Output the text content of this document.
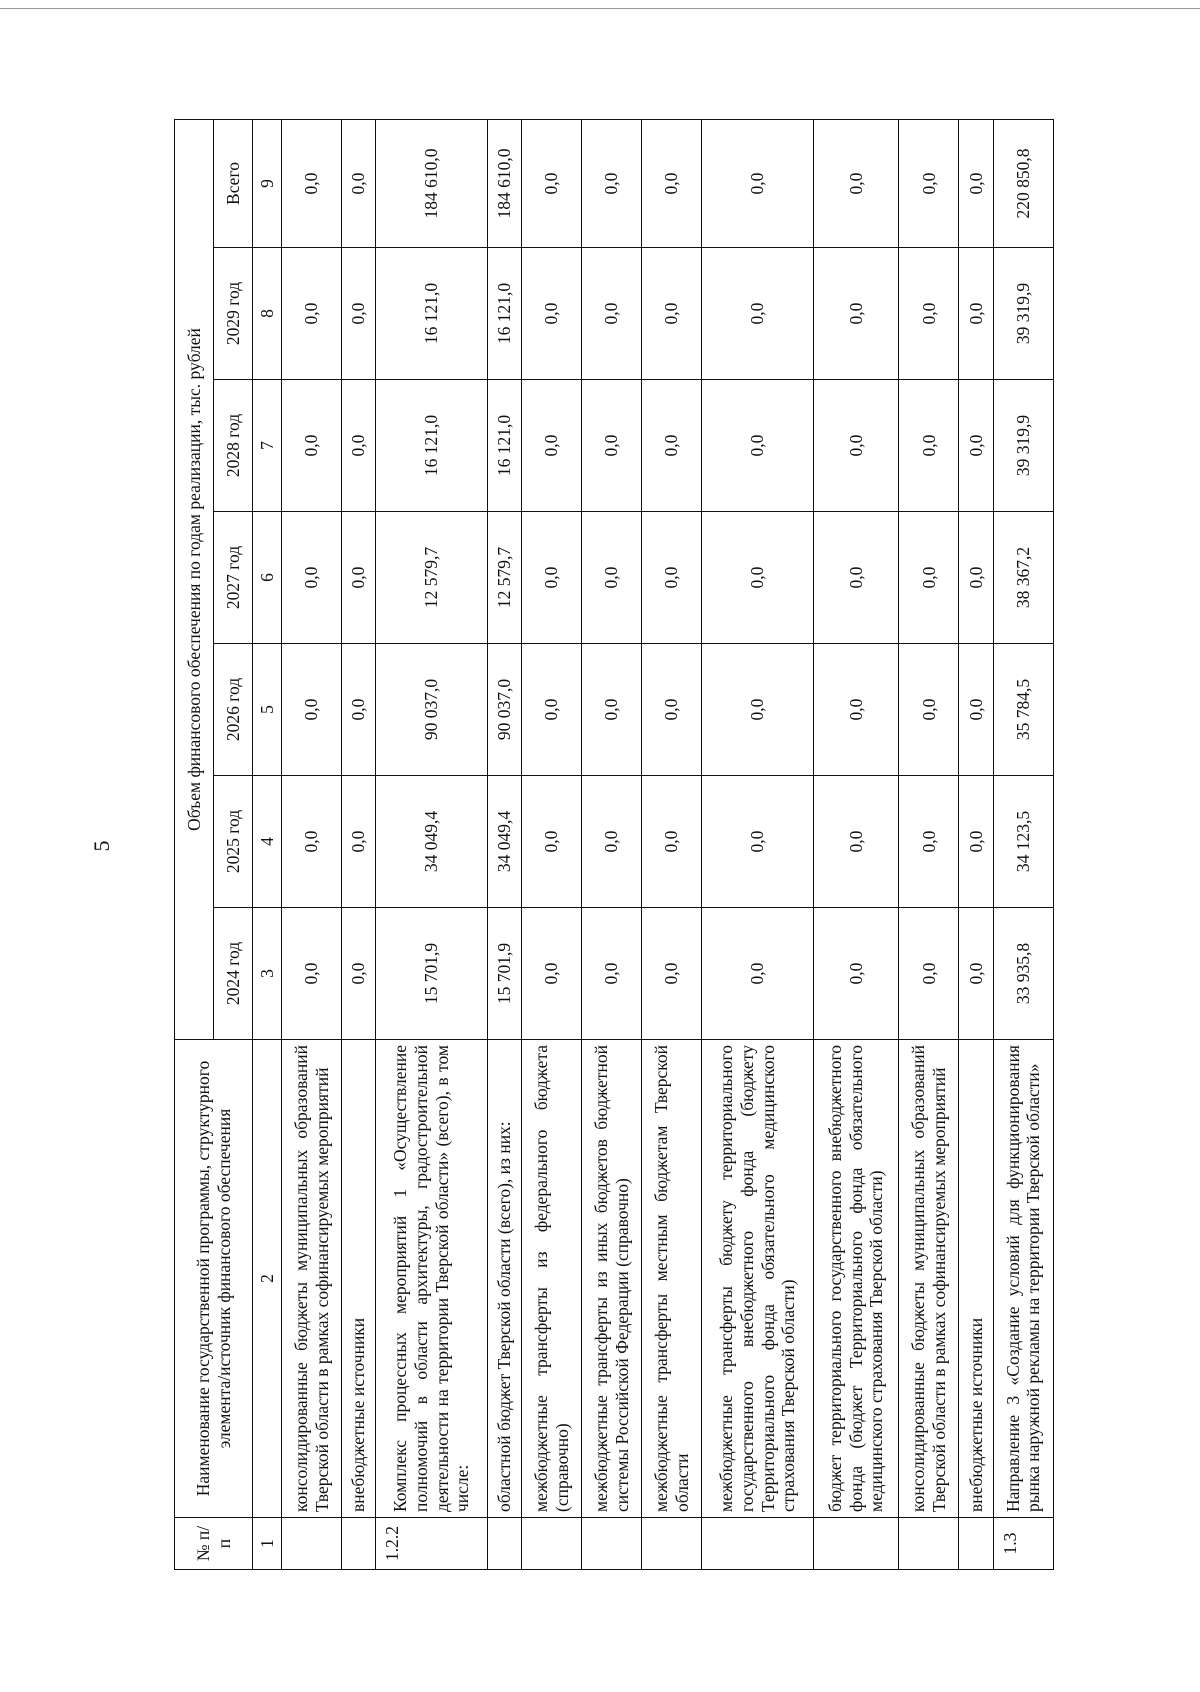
5
№ п/п	Наименование государственной программы, структурного элемента/источник финансового обеспечения	Объем финансового обеспечения по годам реализации, тыс. рублей						
		2024 год	2025 год	2026 год	2027 год	2028 год	2029 год	Всего
1	2	3	4	5	6	7	8	9
	консолидированные бюджеты муниципальных образований Тверской области в рамках софинансируемых мероприятий	0,0	0,0	0,0	0,0	0,0	0,0	0,0
	внебюджетные источники	0,0	0,0	0,0	0,0	0,0	0,0	0,0
1.2.2	Комплекс процессных мероприятий 1 «Осуществление полномочий в области архитектуры, градостроительной деятельности на территории Тверской области» (всего), в том числе:	15 701,9	34 049,4	90 037,0	12 579,7	16 121,0	16 121,0	184 610,0
	областной бюджет Тверской области (всего), из них:	15 701,9	34 049,4	90 037,0	12 579,7	16 121,0	16 121,0	184 610,0
	межбюджетные трансферты из федерального бюджета (справочно)	0,0	0,0	0,0	0,0	0,0	0,0	0,0
	межбюджетные трансферты из иных бюджетов бюджетной системы Российской Федерации (справочно)	0,0	0,0	0,0	0,0	0,0	0,0	0,0
	межбюджетные трансферты местным бюджетам Тверской области	0,0	0,0	0,0	0,0	0,0	0,0	0,0
	межбюджетные трансферты бюджету территориального государственного внебюджетного фонда (бюджету Территориального фонда обязательного медицинского страхования Тверской области)	0,0	0,0	0,0	0,0	0,0	0,0	0,0
	бюджет территориального государственного внебюджетного фонда (бюджет Территориального фонда обязательного медицинского страхования Тверской области)	0,0	0,0	0,0	0,0	0,0	0,0	0,0
	консолидированные бюджеты муниципальных образований Тверской области в рамках софинансируемых мероприятий	0,0	0,0	0,0	0,0	0,0	0,0	0,0
	внебюджетные источники	0,0	0,0	0,0	0,0	0,0	0,0	0,0
1.3	Направление 3 «Создание условий для функционирования рынка наружной рекламы на территории Тверской области»	33 935,8	34 123,5	35 784,5	38 367,2	39 319,9	39 319,9	220 850,8
